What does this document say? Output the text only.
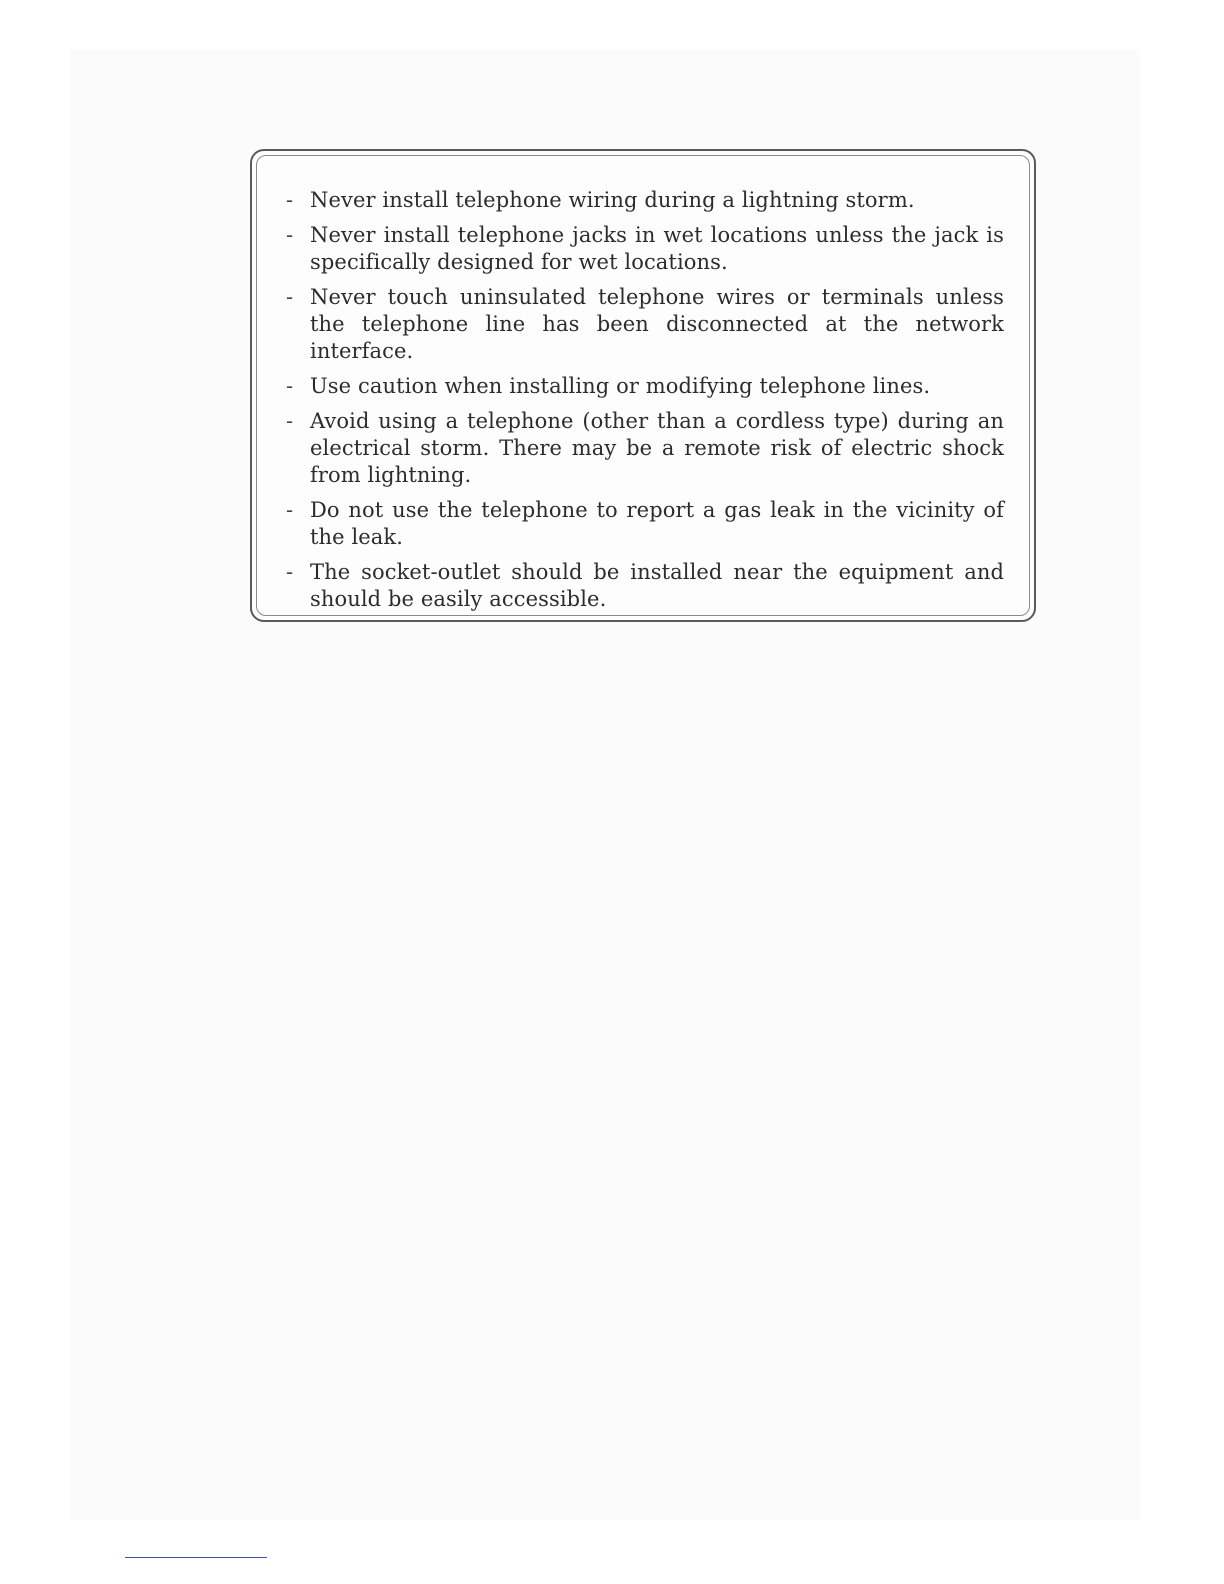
- Never install telephone wiring during a lightning storm.
- Never install telephone jacks in wet locations unless the jack is specifically designed for wet locations.
- Never touch uninsulated telephone wires or terminals unless the telephone line has been disconnected at the network interface.
- Use caution when installing or modifying telephone lines.
- Avoid using a telephone (other than a cordless type) during an electrical storm. There may be a remote risk of electric shock from lightning.
- Do not use the telephone to report a gas leak in the vicinity of the leak.
- The socket-outlet should be installed near the equipment and should be easily accessible.
